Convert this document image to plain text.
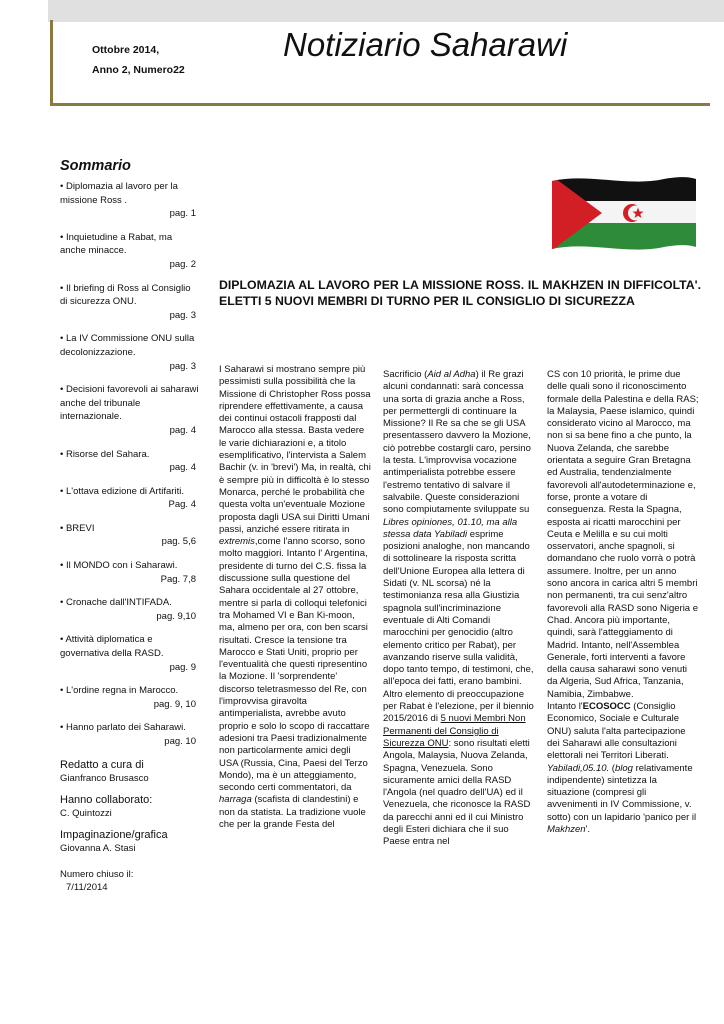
Ottobre 2014,
Anno 2, Numero22
Notiziario Saharawi
Sommario
• Diplomazia al lavoro per la missione Ross .
pag. 1
• Inquietudine a Rabat, ma anche minacce.
pag. 2
• Il briefing di Ross al Consiglio di sicurezza ONU.
pag. 3
• La IV Commissione ONU sulla decolonizzazione.
pag. 3
• Decisioni favorevoli ai saharawi anche del tribunale internazionale.
pag. 4
• Risorse del Sahara.
pag. 4
• L'ottava edizione di Artifariti.
Pag. 4
• BREVI
pag. 5,6
• Il MONDO con i Saharawi.
Pag. 7,8
• Cronache dall'INTIFADA.
pag. 9,10
• Attività diplomatica e governativa della RASD.
pag. 9
• L'ordine regna in Marocco.
pag. 9, 10
• Hanno parlato dei Saharawi.
pag. 10
Redatto a cura di
Gianfranco Brusasco
Hanno collaborato:
C. Quintozzi
Impaginazione/grafica
Giovanna A. Stasi
Numero chiuso il:
7/11/2014
DIPLOMAZIA AL LAVORO PER LA MISSIONE ROSS. IL MAKHZEN IN DIFFICOLTA'. ELETTI 5 NUOVI MEMBRI DI TURNO PER IL CONSIGLIO DI SICUREZZA

I Saharawi si mostrano sempre più pessimisti sulla possibilità che la Missione di Christopher Ross possa riprendere effettivamente, a causa dei continui ostacoli frapposti dal Marocco alla stessa. Basta vedere le varie dichiarazioni e, a titolo esemplificativo, l'intervista a Salem Bachir (v. in 'brevi') Ma, in realtà, chi è sempre più in difficoltà è lo stesso Monarca, perché le probabilità che questa volta un'eventuale Mozione proposta dagli USA sui Diritti Umani passi, anziché essere ritirata in extremis,come l'anno scorso, sono molto maggiori. Intanto l' Argentina, presidente di turno del C.S. fissa la discussione sulla questione del Sahara occidentale al 27 ottobre, mentre si parla di colloqui telefonici tra Mohamed VI e Ban Ki-moon, ma, almeno per ora, con ben scarsi risultati. Cresce la tensione tra Marocco e Stati Uniti, proprio per l'eventualità che questi ripresentino la Mozione. Il 'sorprendente' discorso teletrasmesso del Re, con l'improvvisa giravolta antimperialista, avrebbe avuto proprio e solo lo scopo di raccattare adesioni tra Paesi tradizionalmente non particolarmente amici degli USA (Russia, Cina, Paesi del Terzo Mondo), ma è un atteggiamento, secondo certi commentatori, da harraga (scafista di clandestini) e non da statista. La tradizione vuole che per la grande Festa del

Sacrificio (Aid al Adha) il Re grazi alcuni condannati: sarà concessa una sorta di grazia anche a Ross, per permettergli di continuare la Missione? Il Re sa che se gli USA presentassero davvero la Mozione, ciò potrebbe costargli caro, persino la testa. L'improvvisa vocazione antimperialista potrebbe essere l'estremo tentativo di salvare il salvabile. Queste considerazioni sono compiutamente sviluppate su Libres opiniones, 01.10, ma alla stessa data Yabiladi esprime posizioni analoghe, non mancando di sottolineare la risposta scritta dell'Unione Europea alla lettera di Sidati (v. NL scorsa) né la testimonianza resa alla Giustizia spagnola sull'incriminazione eventuale di Alti Comandi marocchini per genocidio (altro elemento critico per Rabat), per avanzando riserve sulla validità, dopo tanto tempo, di testimoni, che, all'epoca dei fatti, erano bambini.

Altro elemento di preoccupazione per Rabat è l'elezione, per il biennio 2015/2016 di 5 nuovi Membri Non Permanenti del Consiglio di Sicurezza ONU: sono risultati eletti Angola, Malaysia, Nuova Zelanda, Spagna, Venezuela. Sono sicuramente amici della RASD l'Angola (nel quadro dell'UA) ed il Venezuela, che riconosce la RASD da parecchi anni ed il cui Ministro degli Esteri dichiara che il suo Paese entra nel

CS con 10 priorità, le prime due delle quali sono il riconoscimento formale della Palestina e della RAS; la Malaysia, Paese islamico, quindi considerato vicino al Marocco, ma non si sa bene fino a che punto, la Nuova Zelanda, che sarebbe orientata a seguire Gran Bretagna ed Australia, tendenzialmente favorevoli all'autodeterminazione e, forse, pronte a votare di conseguenza. Resta la Spagna, esposta ai ricatti marocchini per Ceuta e Melilla e su cui molti osservatori, anche spagnoli, si domandano che ruolo vorrà o potrà assumere. Inoltre, per un anno sono ancora in carica altri 5 membri non permanenti, tra cui senz'altro favorevoli alla RASD sono Nigeria e Chad. Ancora più importante, quindi, sarà l'atteggiamento di Madrid. Intanto, nell'Assemblea Generale, forti interventi a favore della causa saharawi sono venuti da Algeria, Sud Africa, Tanzania, Namibia, Zimbabwe.

Intanto l'ECOSOCC (Consiglio Economico, Sociale e Culturale ONU) saluta l'alta partecipazione dei Saharawi alle consultazioni elettorali nei Territori Liberati. Yabiladi,05.10. (blog relativamente indipendente) sintetizza la situazione (compresi gli avvenimenti in IV Commissione, v. sotto) con un lapidario 'panico per il Makhzen'.
